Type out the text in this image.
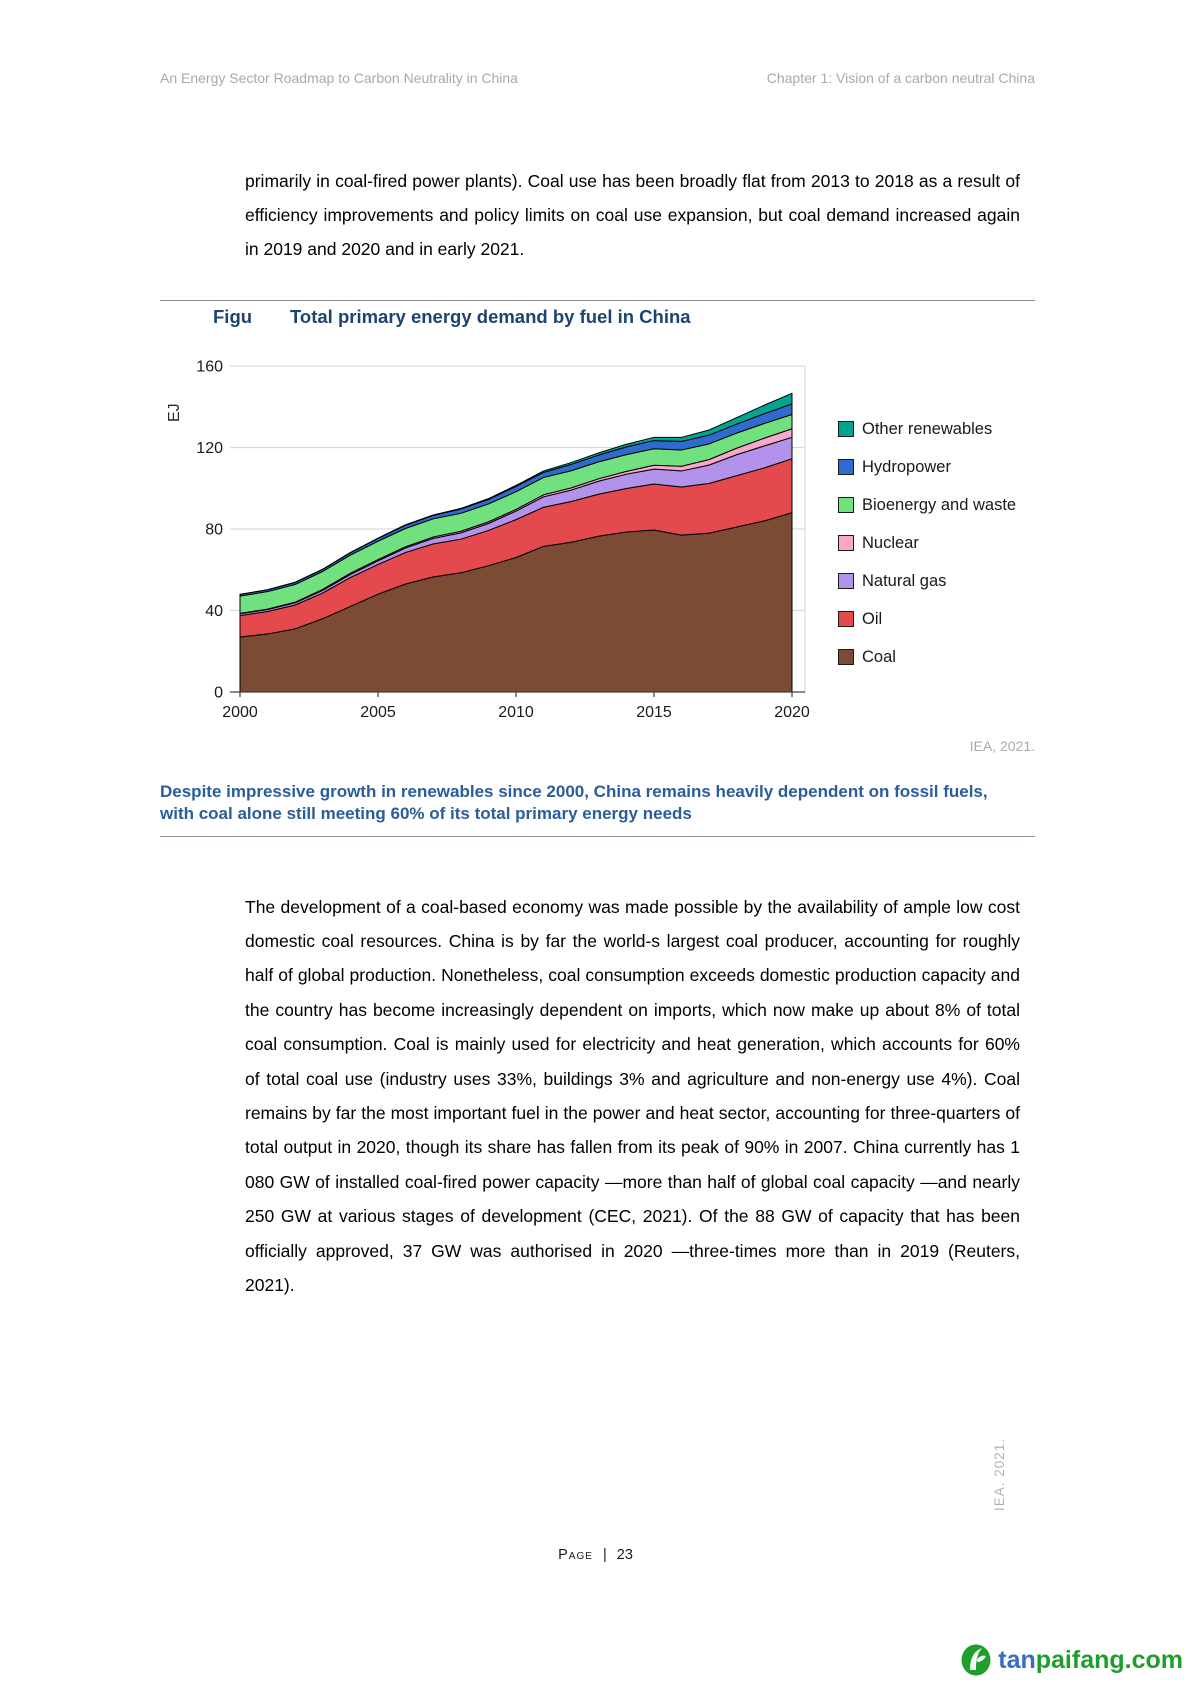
An Energy Sector Roadmap to Carbon Neutrality in China	Chapter 1: Vision of a carbon neutral China

primarily in coal-fired power plants). Coal use has been broadly flat from 2013 to 2018 as a result of efficiency improvements and policy limits on coal use expansion, but coal demand increased again in 2019 and 2020 and in early 2021.

Figu Total primary energy demand by fuel in China
0
40
80
120
160
2000	2005	2010	2015	2020
EJ
Other renewables
Hydropower
Bioenergy and waste
Nuclear
Natural gas
Oil
Coal
IEA, 2021.
Despite impressive growth in renewables since 2000, China remains heavily dependent on fossil fuels, with coal alone still meeting 60% of its total primary energy needs

The development of a coal-based economy was made possible by the availability of ample low cost domestic coal resources. China is by far the world-s largest coal producer, accounting for roughly half of global production. Nonetheless, coal consumption exceeds domestic production capacity and the country has become increasingly dependent on imports, which now make up about 8% of total coal consumption. Coal is mainly used for electricity and heat generation, which accounts for 60% of total coal use (industry uses 33%, buildings 3% and agriculture and non-energy use 4%). Coal remains by far the most important fuel in the power and heat sector, accounting for three-quarters of total output in 2020, though its share has fallen from its peak of 90% in 2007. China currently has 1 080 GW of installed coal-fired power capacity —more than half of global coal capacity —and nearly 250 GW at various stages of development (CEC, 2021). Of the 88 GW of capacity that has been officially approved, 37 GW was authorised in 2020 —three-times more than in 2019 (Reuters, 2021).

Page | 23
IEA. 2021.
tanpaifang.com
